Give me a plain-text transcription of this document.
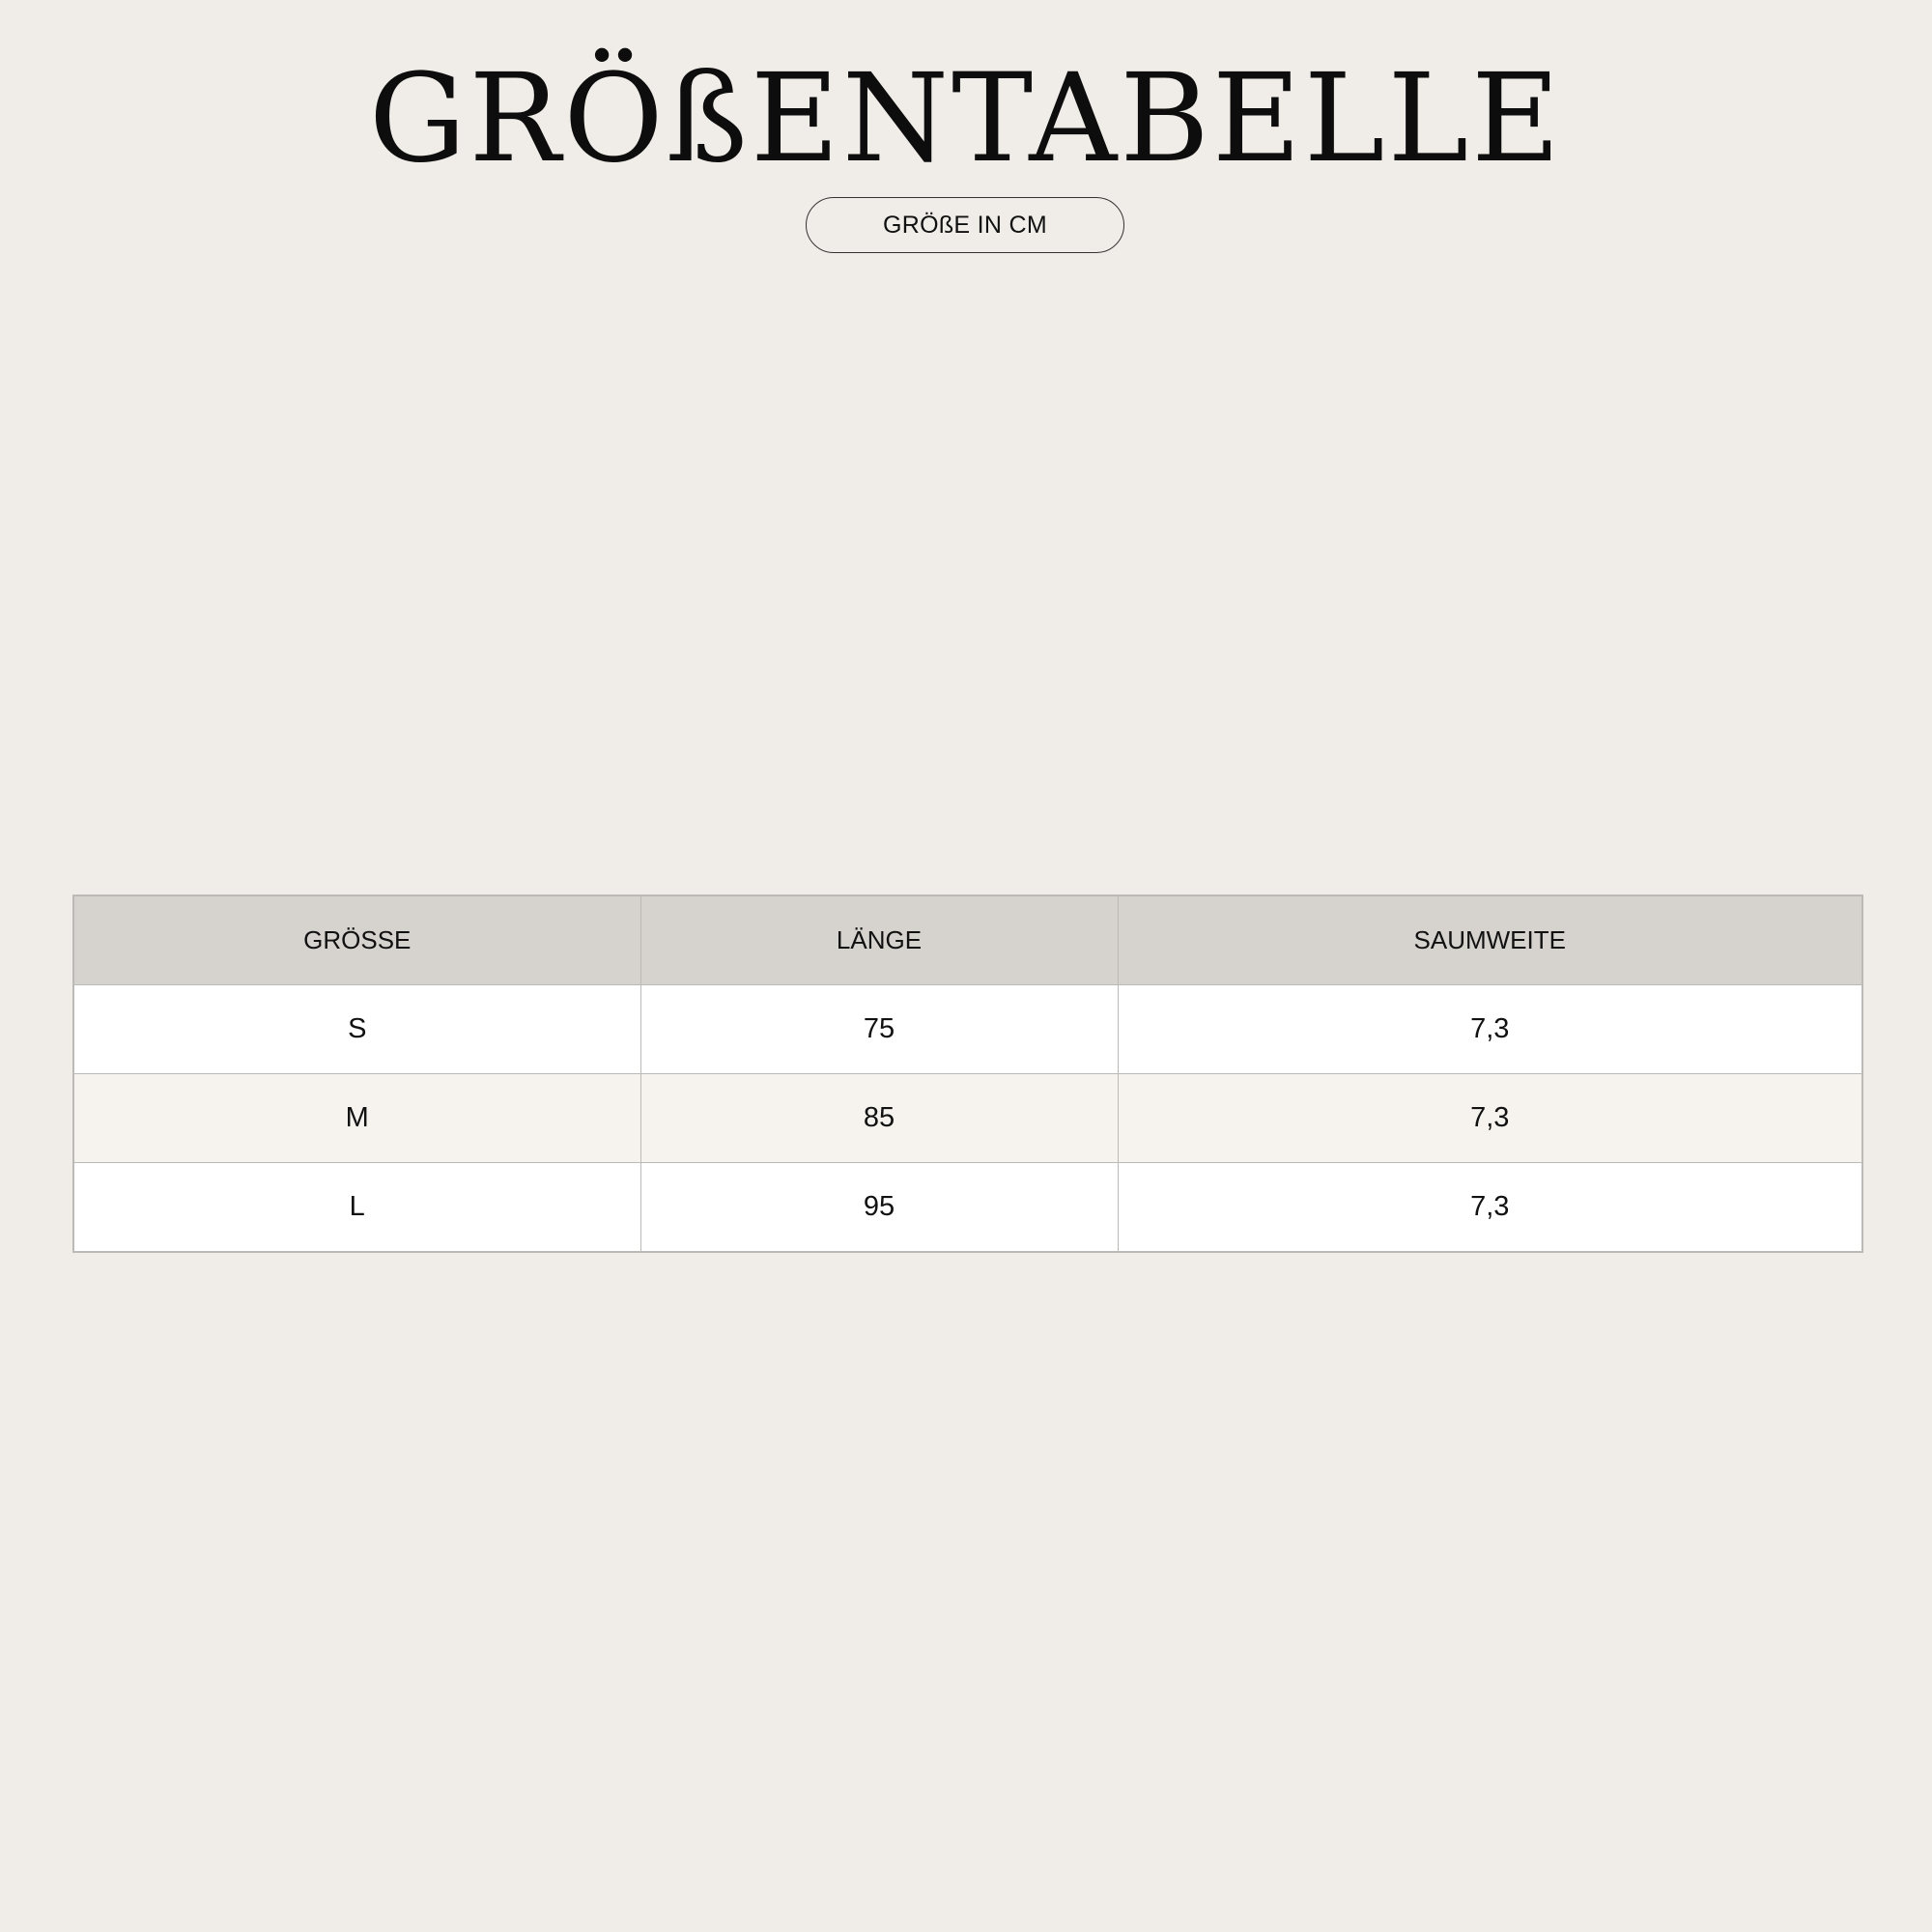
GRÖßENTABELLE
GRÖßE IN CM
GRÖSSE	LÄNGE	SAUMWEITE
S	75	7,3
M	85	7,3
L	95	7,3
